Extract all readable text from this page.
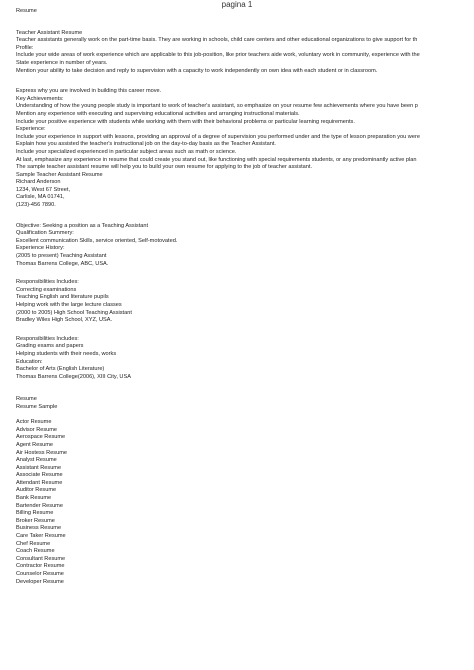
pagina 1
Resume
Teacher Assistant Resume
Teacher assistants generally work on the part-time basis. They are working in schools, child care centers and other educational organizations to give support for th
Profile:
Include your wide areas of work experience which are applicable to this job-position, like prior teachers aide work, voluntary work in community, experience with the
State experience in number of years.
Mention your ability to take decision and reply to supervision with a capacity to work independently on own idea with each student or in classroom.
Express why you are involved in building this career move.
Key Achievements:
Understanding of how the young people study is important to work of teacher's assistant, so emphasize on your resume few achievements where you have been p
Mention any experience with executing and supervising educational activities and arranging instructional materials.
Include your positive experience with students while working with them with their behavioral problems or particular learning requirements.
Experience:
Include your experience in support with lessons, providing an approval of a degree of supervision you performed under and the type of lesson preparation you were
Explain how you assisted the teacher's instructional job on the day-to-day basis as the Teacher Assistant.
Include your specialized experienced in particular subject areas such as math or science.
At last, emphasize any experience in resume that could create you stand out, like functioning with special requirements students, or any predominantly active plan
The sample teacher assistant resume will help you to build your own resume for applying to the job of teacher assistant.
Sample Teacher Assistant Resume
Richard Anderson
1234, West 67 Street,
Carlisle, MA 01741,
(123)-456 7890.
Objective: Seeking a position as a Teaching Assistant
Qualification Summery:
Excellent communication Skills, service oriented, Self-motovated.
Experience History:
(2005 to present) Teaching Assistant
Thomas Barrens College, ABC, USA.
Responsibilities Includes:
Correcting examinations
Teaching English and literature pupils
Helping work with the large lecture classes
(2000 to 2005) High School Teaching Assistant
Bradley Wiles High School, XYZ, USA.
Responsibilities Includes:
Grading exams and papers
Helping students with their needs, works
Education:
Bachelor of Arts (English Literature)
Thomas Barrens College(2006), XIII City, USA
Resume
Resume Sample
Actor Resume
Advisor Resume
Aerospace Resume
Agent Resume
Air Hostess Resume
Analyst Resume
Assistant Resume
Associate Resume
Attendant Resume
Auditor Resume
Bank Resume
Bartender Resume
Billing Resume
Broker Resume
Business Resume
Care Taker Resume
Chef Resume
Coach Resume
Consultant Resume
Contractor Resume
Counselor Resume
Developer Resume
